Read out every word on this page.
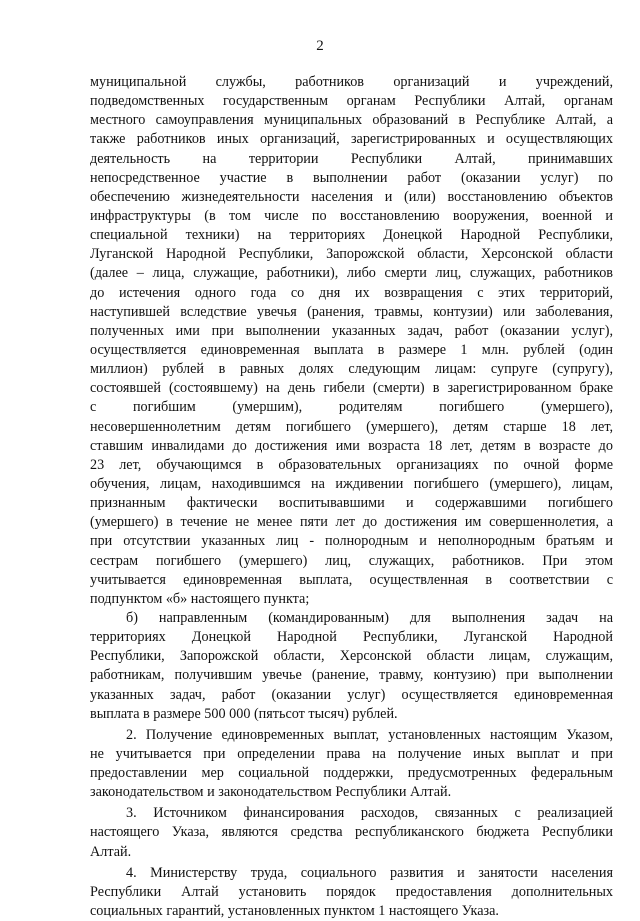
2
муниципальной службы, работников организаций и учреждений,
подведомственных государственным органам Республики Алтай, органам
местного самоуправления муниципальных образований в Республике Алтай, а
также работников иных организаций, зарегистрированных и осуществляющих
деятельность на территории Республики Алтай, принимавших
непосредственное участие в выполнении работ (оказании услуг) по
обеспечению жизнедеятельности населения и (или) восстановлению объектов
инфраструктуры (в том числе по восстановлению вооружения, военной и
специальной техники) на территориях Донецкой Народной Республики,
Луганской Народной Республики, Запорожской области, Херсонской области
(далее – лица, служащие, работники), либо смерти лиц, служащих, работников
до истечения одного года со дня их возвращения с этих территорий,
наступившей вследствие увечья (ранения, травмы, контузии) или заболевания,
полученных ими при выполнении указанных задач, работ (оказании услуг),
осуществляется единовременная выплата в размере 1 млн. рублей (один
миллион) рублей в равных долях следующим лицам: супруге (супругу),
состоявшей (состоявшему) на день гибели (смерти) в зарегистрированном браке
с погибшим (умершим), родителям погибшего (умершего),
несовершеннолетним детям погибшего (умершего), детям старше 18 лет,
ставшим инвалидами до достижения ими возраста 18 лет, детям в возрасте до
23 лет, обучающимся в образовательных организациях по очной форме
обучения, лицам, находившимся на иждивении погибшего (умершего), лицам,
признанным фактически воспитывавшими и содержавшими погибшего
(умершего) в течение не менее пяти лет до достижения им совершеннолетия, а
при отсутствии указанных лиц - полнородным и неполнородным братьям и
сестрам погибшего (умершего) лиц, служащих, работников. При этом
учитывается единовременная выплата, осуществленная в соответствии с
подпунктом «б» настоящего пункта;
б) направленным (командированным) для выполнения задач на
территориях Донецкой Народной Республики, Луганской Народной
Республики, Запорожской области, Херсонской области лицам, служащим,
работникам, получившим увечье (ранение, травму, контузию) при выполнении
указанных задач, работ (оказании услуг) осуществляется единовременная
выплата в размере 500 000 (пятьсот тысяч) рублей.
2. Получение единовременных выплат, установленных настоящим Указом,
не учитывается при определении права на получение иных выплат и при
предоставлении мер социальной поддержки, предусмотренных федеральным
законодательством и законодательством Республики Алтай.
3. Источником финансирования расходов, связанных с реализацией
настоящего Указа, являются средства республиканского бюджета Республики
Алтай.
4. Министерству труда, социального развития и занятости населения
Республики Алтай установить порядок предоставления дополнительных
социальных гарантий, установленных пунктом 1 настоящего Указа.
